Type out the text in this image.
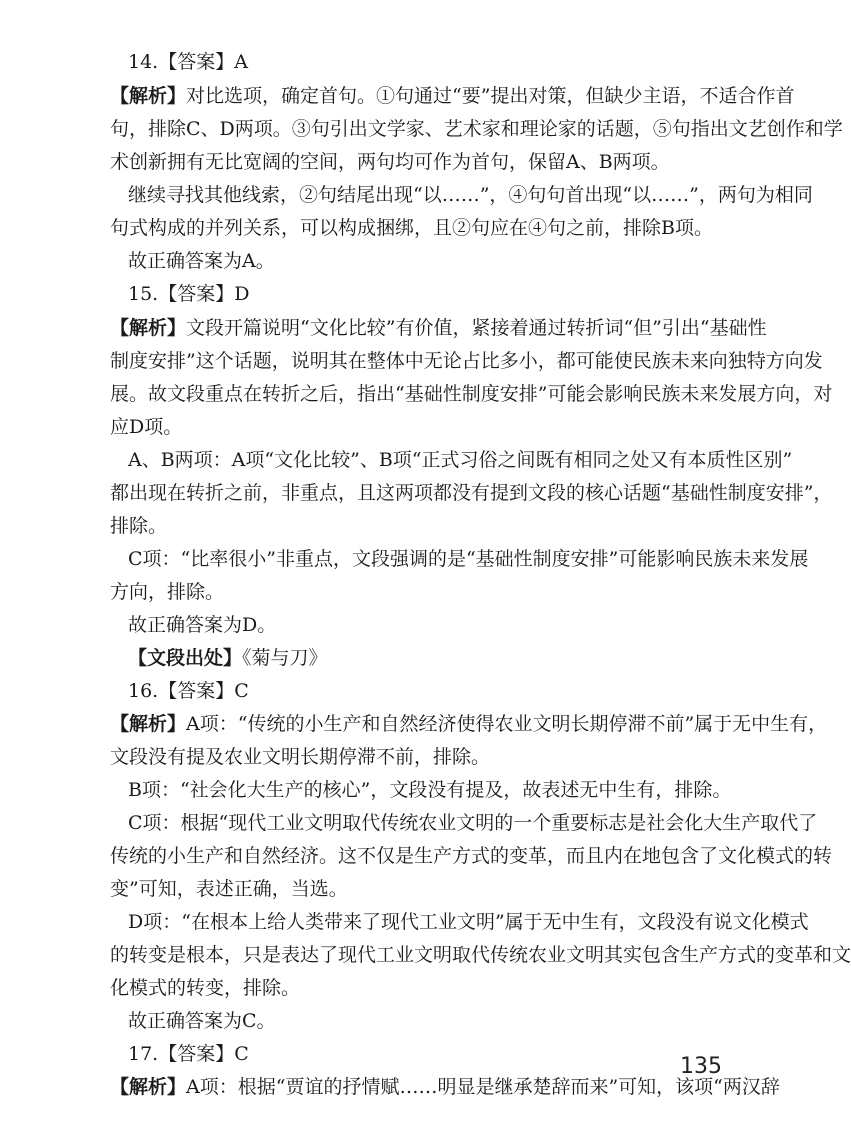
14.【答案】A
【解析】对比选项，确定首句。①句通过“要”提出对策，但缺少主语，不适合作首
句，排除C、D两项。③句引出文学家、艺术家和理论家的话题，⑤句指出文艺创作和学
术创新拥有无比宽阔的空间，两句均可作为首句，保留A、B两项。
继续寻找其他线索，②句结尾出现“以……”，④句句首出现“以……”，两句为相同
句式构成的并列关系，可以构成捆绑，且②句应在④句之前，排除B项。
故正确答案为A。
15.【答案】D
【解析】文段开篇说明“文化比较”有价值，紧接着通过转折词“但”引出“基础性
制度安排”这个话题，说明其在整体中无论占比多小，都可能使民族未来向独特方向发
展。故文段重点在转折之后，指出“基础性制度安排”可能会影响民族未来发展方向，对
应D项。
A、B两项：A项“文化比较”、B项“正式习俗之间既有相同之处又有本质性区别”
都出现在转折之前，非重点，且这两项都没有提到文段的核心话题“基础性制度安排”，
排除。
C项：“比率很小”非重点，文段强调的是“基础性制度安排”可能影响民族未来发展
方向，排除。
故正确答案为D。
【文段出处】《菊与刀》
16.【答案】C
【解析】A项：“传统的小生产和自然经济使得农业文明长期停滞不前”属于无中生有，
文段没有提及农业文明长期停滞不前，排除。
B项：“社会化大生产的核心”，文段没有提及，故表述无中生有，排除。
C项：根据“现代工业文明取代传统农业文明的一个重要标志是社会化大生产取代了
传统的小生产和自然经济。这不仅是生产方式的变革，而且内在地包含了文化模式的转
变”可知，表述正确，当选。
D项：“在根本上给人类带来了现代工业文明”属于无中生有，文段没有说文化模式
的转变是根本，只是表达了现代工业文明取代传统农业文明其实包含生产方式的变革和文
化模式的转变，排除。
故正确答案为C。
17.【答案】C
【解析】A项：根据“贾谊的抒情赋……明显是继承楚辞而来”可知，该项“两汉辞
135
